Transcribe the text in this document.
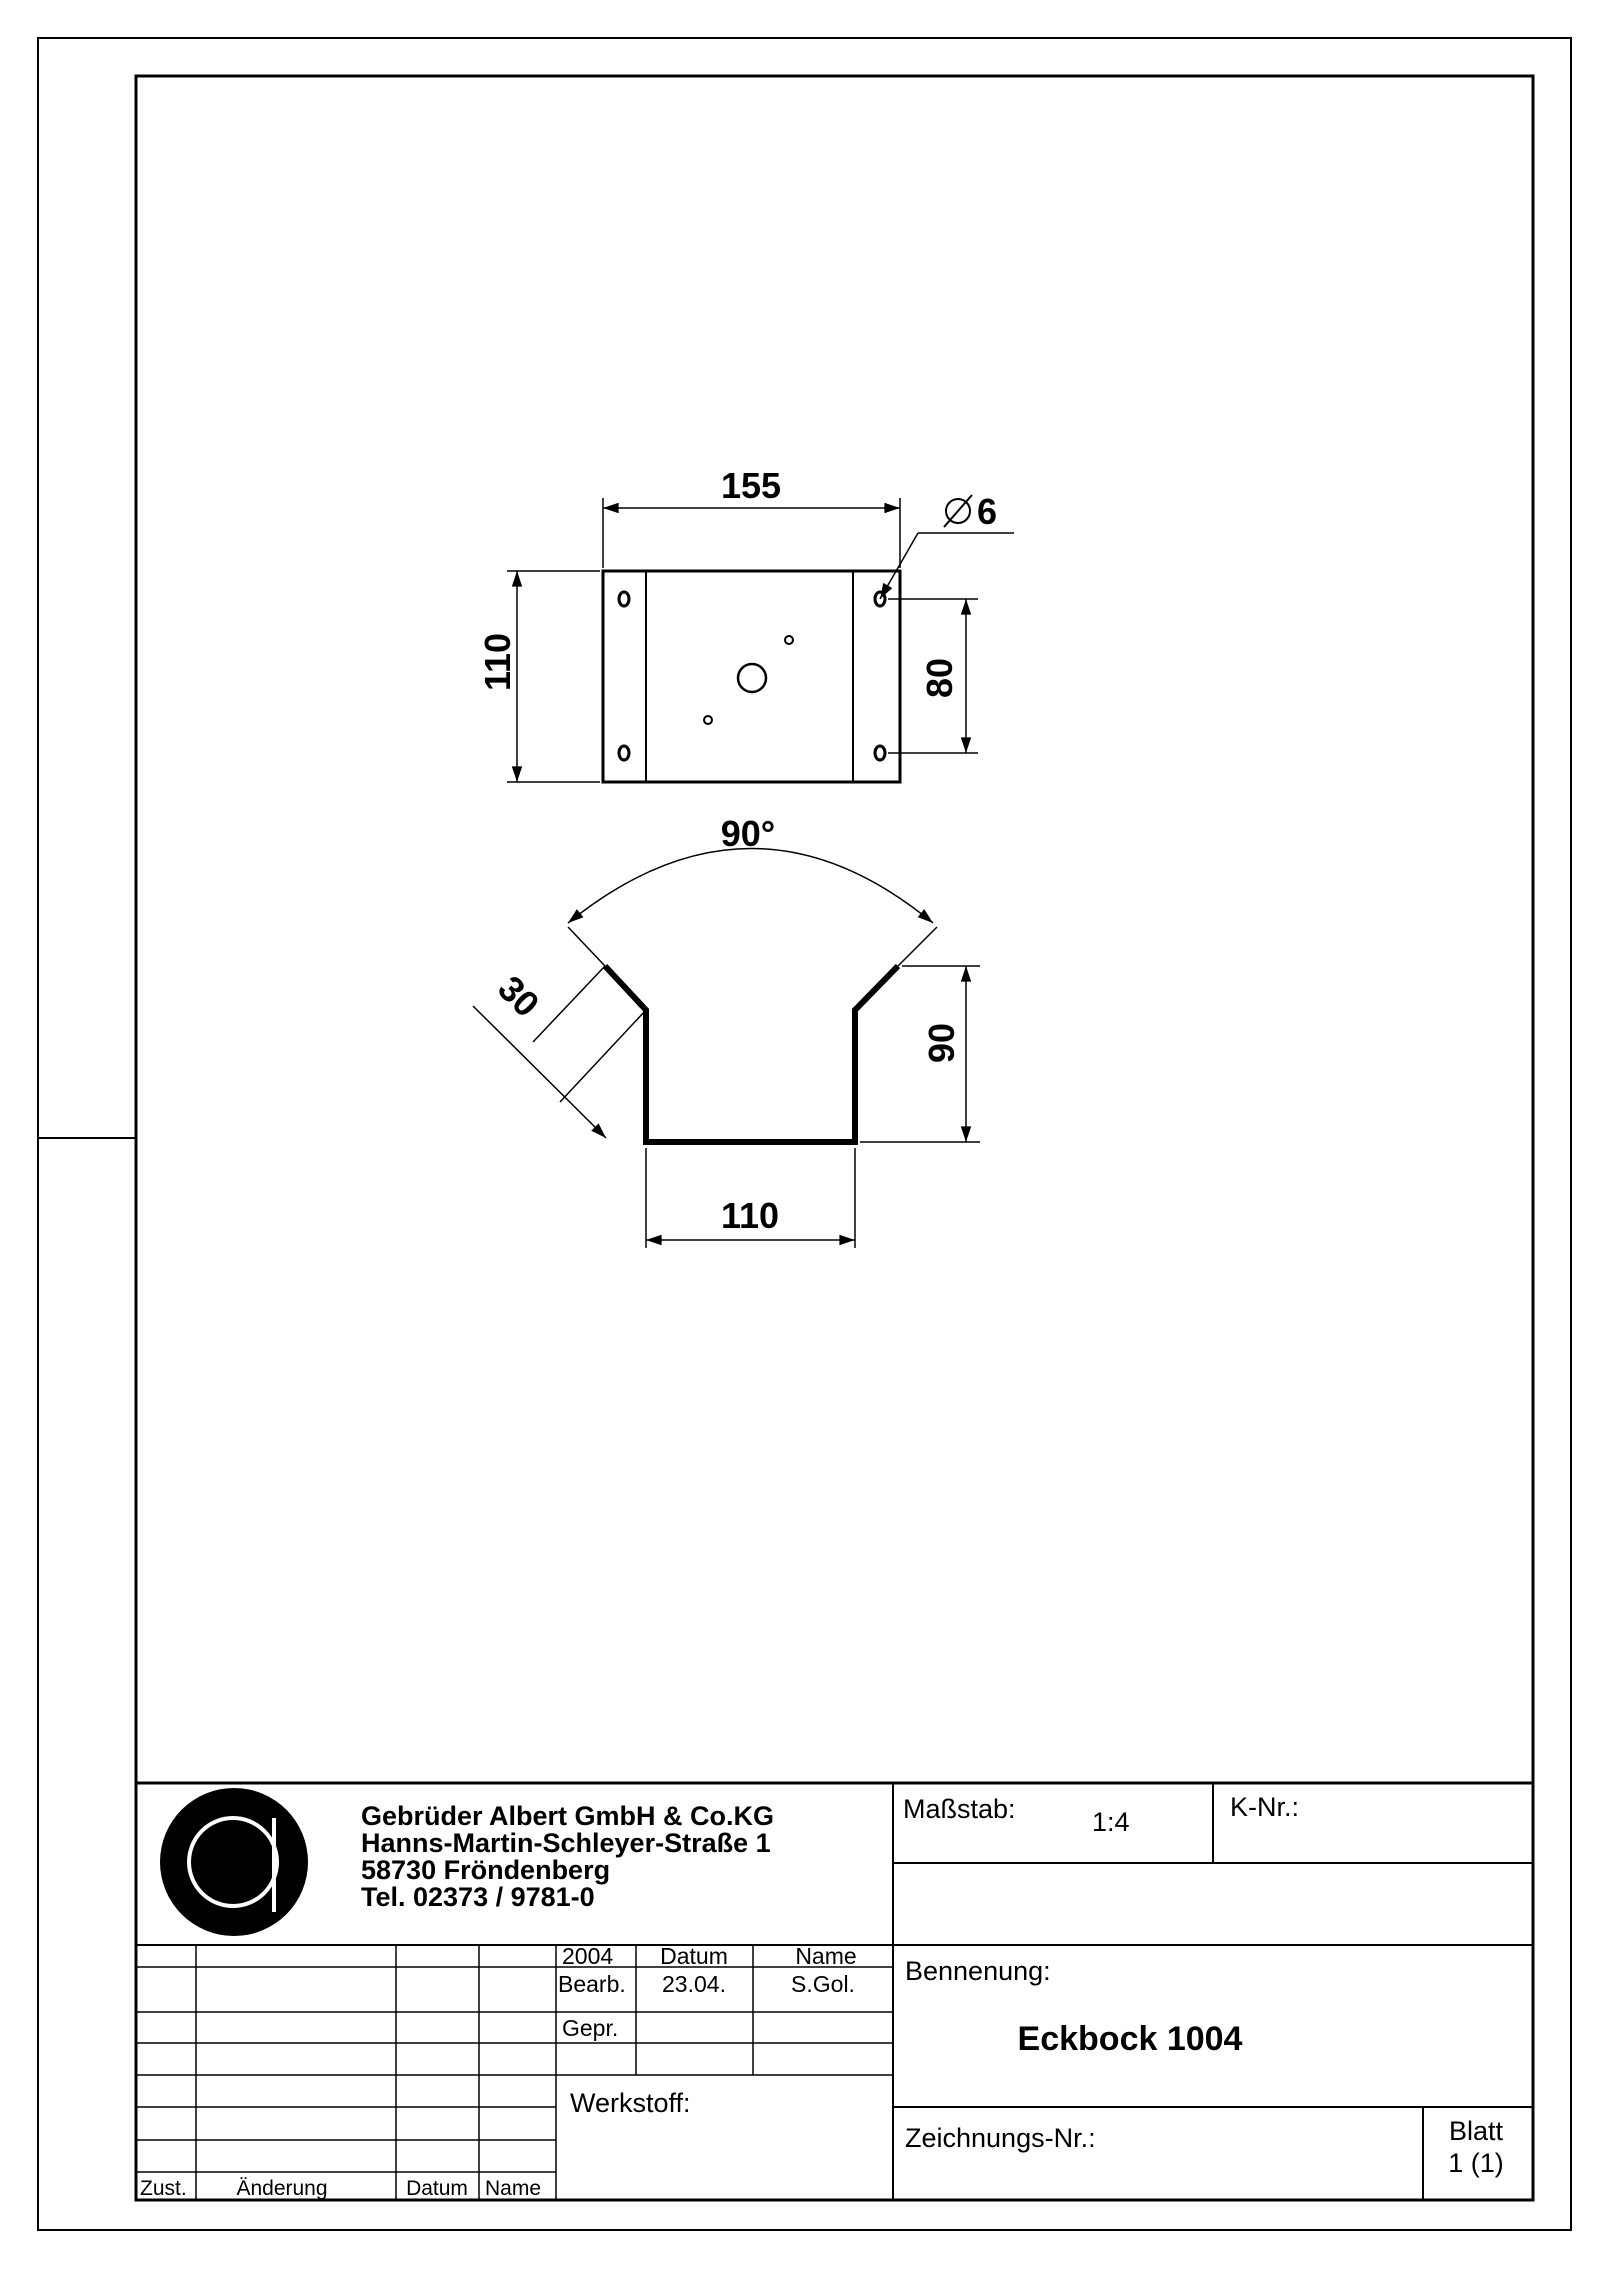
155
110	80
6
90°
30
90
110
Gebrüder Albert GmbH & Co.KG
Hanns-Martin-Schleyer-Straße 1
58730 Fröndenberg
Tel. 02373 / 9781-0
Maßstab:	1:4	K-Nr.:
2004 Datum	Name
Bearb. 23.04.	S.Gol.
Gepr.
Werkstoff:
Zust. Änderung	Datum Name
Bennenung:
Eckbock 1004
Zeichnungs-Nr.:	Blatt
1 (1)
